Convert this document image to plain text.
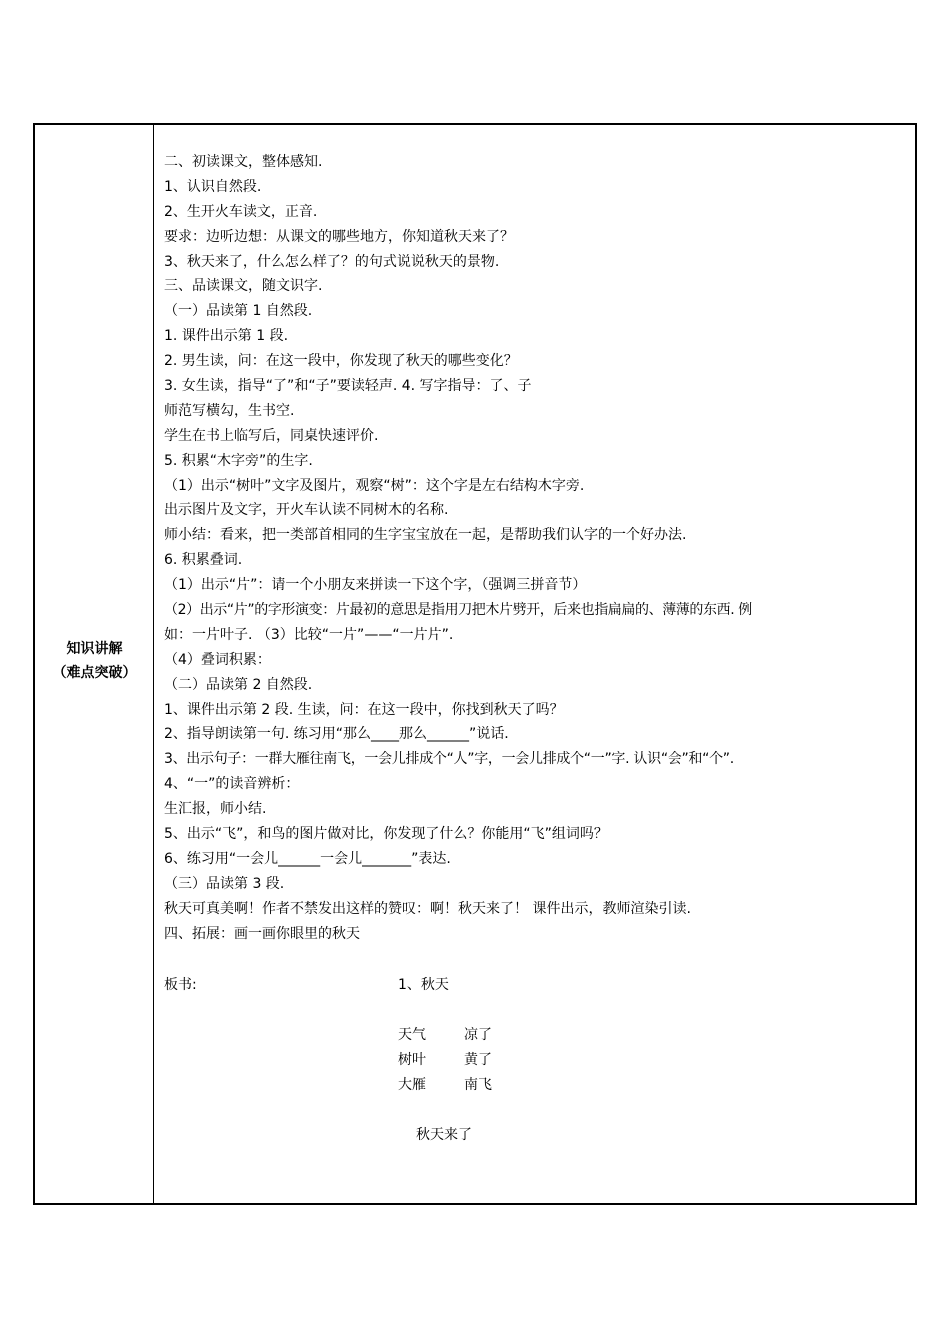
知识讲解
（难点突破）
二、初读课文，整体感知.
1、认识自然段.
2、生开火车读文，正音.
要求：边听边想：从课文的哪些地方，你知道秋天来了？
3、秋天来了，什么怎么样了？的句式说说秋天的景物.
三、品读课文，随文识字.
（一）品读第 1 自然段.
1. 课件出示第 1 段.
2. 男生读，问：在这一段中，你发现了秋天的哪些变化？
3. 女生读，指导“了”和“子”要读轻声. 4. 写字指导：了、子
师范写横勾，生书空.
学生在书上临写后，同桌快速评价.
5. 积累“木字旁”的生字.
（1）出示“树叶”文字及图片，观察“树”：这个字是左右结构木字旁.
出示图片及文字，开火车认读不同树木的名称.
师小结：看来，把一类部首相同的生字宝宝放在一起，是帮助我们认字的一个好办法.
6. 积累叠词.
（1）出示“片”：请一个小朋友来拼读一下这个字，（强调三拼音节）
（2）出示“片”的字形演变：片最初的意思是指用刀把木片劈开，后来也指扁扁的、薄薄的东西. 例
如：一片叶子. （3）比较“一片”——“一片片”.
（4）叠词积累：
（二）品读第 2 自然段.
1、课件出示第 2 段. 生读，问：在这一段中，你找到秋天了吗？
2、指导朗读第一句. 练习用“那么____那么______”说话.
3、出示句子：一群大雁往南飞，一会儿排成个“人”字，一会儿排成个“一”字. 认识“会”和“个”.
4、“一”的读音辨析：
生汇报，师小结.
5、出示“飞”，和鸟的图片做对比，你发现了什么？你能用“飞”组词吗？
6、练习用“一会儿______一会儿_______”表达.
（三）品读第 3 段.
秋天可真美啊！作者不禁发出这样的赞叹：啊！秋天来了！ 课件出示，教师渲染引读.
四、拓展：画一画你眼里的秋天
板书:	1、秋天
天气	凉了
树叶	黄了
大雁	南飞
秋天来了
